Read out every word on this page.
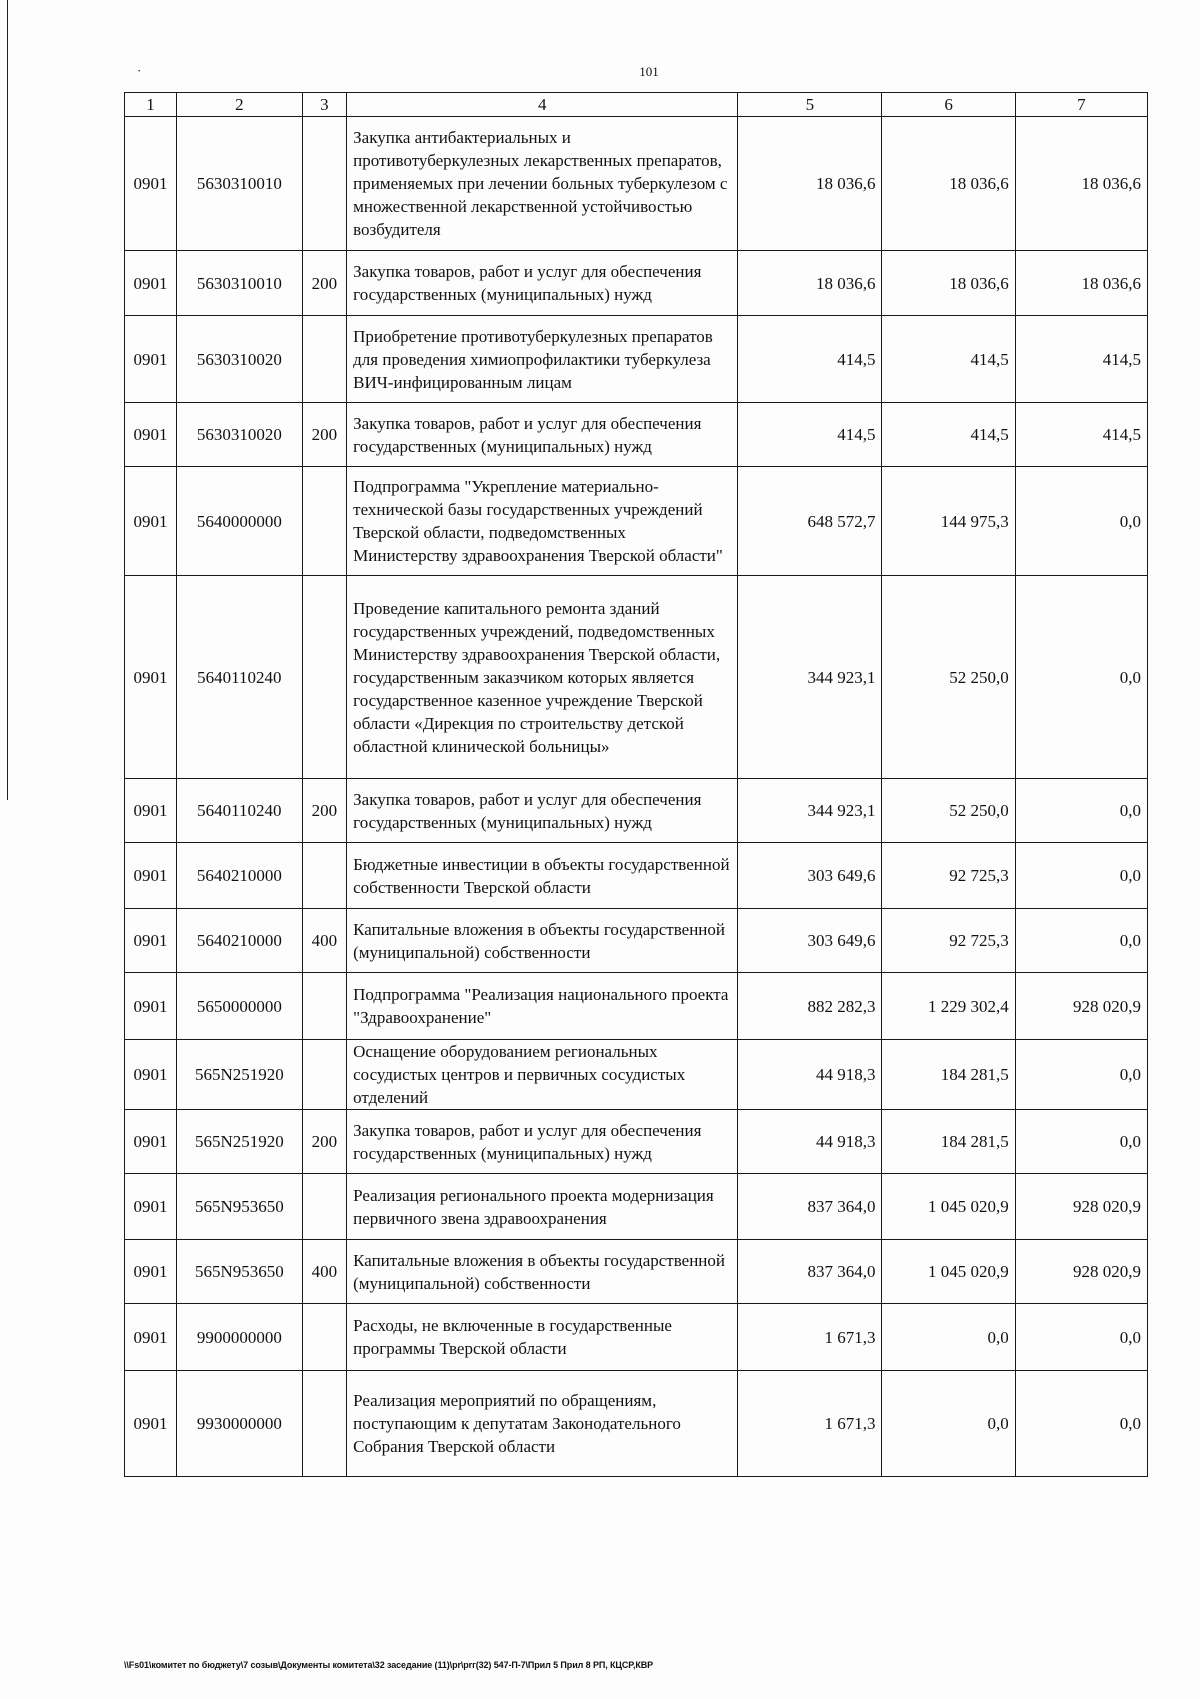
·	101
1	2	3	4	5	6	7
0901	5630310010		Закупка антибактериальных и противотуберкулезных лекарственных препаратов, применяемых при лечении больных туберкулезом с множественной лекарственной устойчивостью возбудителя	18 036,6	18 036,6	18 036,6
0901	5630310010	200	Закупка товаров, работ и услуг для обеспечения государственных (муниципальных) нужд	18 036,6	18 036,6	18 036,6
0901	5630310020		Приобретение противотуберкулезных препаратов для проведения химиопрофилактики туберкулеза ВИЧ-инфицированным лицам	414,5	414,5	414,5
0901	5630310020	200	Закупка товаров, работ и услуг для обеспечения государственных (муниципальных) нужд	414,5	414,5	414,5
0901	5640000000		Подпрограмма "Укрепление материально-технической базы государственных учреждений Тверской области, подведомственных Министерству здравоохранения Тверской области"	648 572,7	144 975,3	0,0
0901	5640110240		Проведение капитального ремонта зданий государственных учреждений, подведомственных Министерству здравоохранения Тверской области, государственным заказчиком которых является государственное казенное учреждение Тверской области «Дирекция по строительству детской областной клинической больницы»	344 923,1	52 250,0	0,0
0901	5640110240	200	Закупка товаров, работ и услуг для обеспечения государственных (муниципальных) нужд	344 923,1	52 250,0	0,0
0901	5640210000		Бюджетные инвестиции в объекты государственной собственности Тверской области	303 649,6	92 725,3	0,0
0901	5640210000	400	Капитальные вложения в объекты государственной (муниципальной) собственности	303 649,6	92 725,3	0,0
0901	5650000000		Подпрограмма "Реализация национального проекта "Здравоохранение"	882 282,3	1 229 302,4	928 020,9
0901	565N251920		Оснащение оборудованием региональных сосудистых центров и первичных сосудистых отделений	44 918,3	184 281,5	0,0
0901	565N251920	200	Закупка товаров, работ и услуг для обеспечения государственных (муниципальных) нужд	44 918,3	184 281,5	0,0
0901	565N953650		Реализация регионального проекта модернизация первичного звена здравоохранения	837 364,0	1 045 020,9	928 020,9
0901	565N953650	400	Капитальные вложения в объекты государственной (муниципальной) собственности	837 364,0	1 045 020,9	928 020,9
0901	9900000000		Расходы, не включенные в государственные программы Тверской области	1 671,3	0,0	0,0
0901	9930000000		Реализация мероприятий по обращениям, поступающим к депутатам Законодательного Собрания Тверской области	1 671,3	0,0	0,0
\\Fs01\комитет по бюджету\7 созыв\Документы комитета\32 заседание (11)\pr\prг(32) 547-П-7\Прил 5 Прил 8 РП, КЦСР,КВР
